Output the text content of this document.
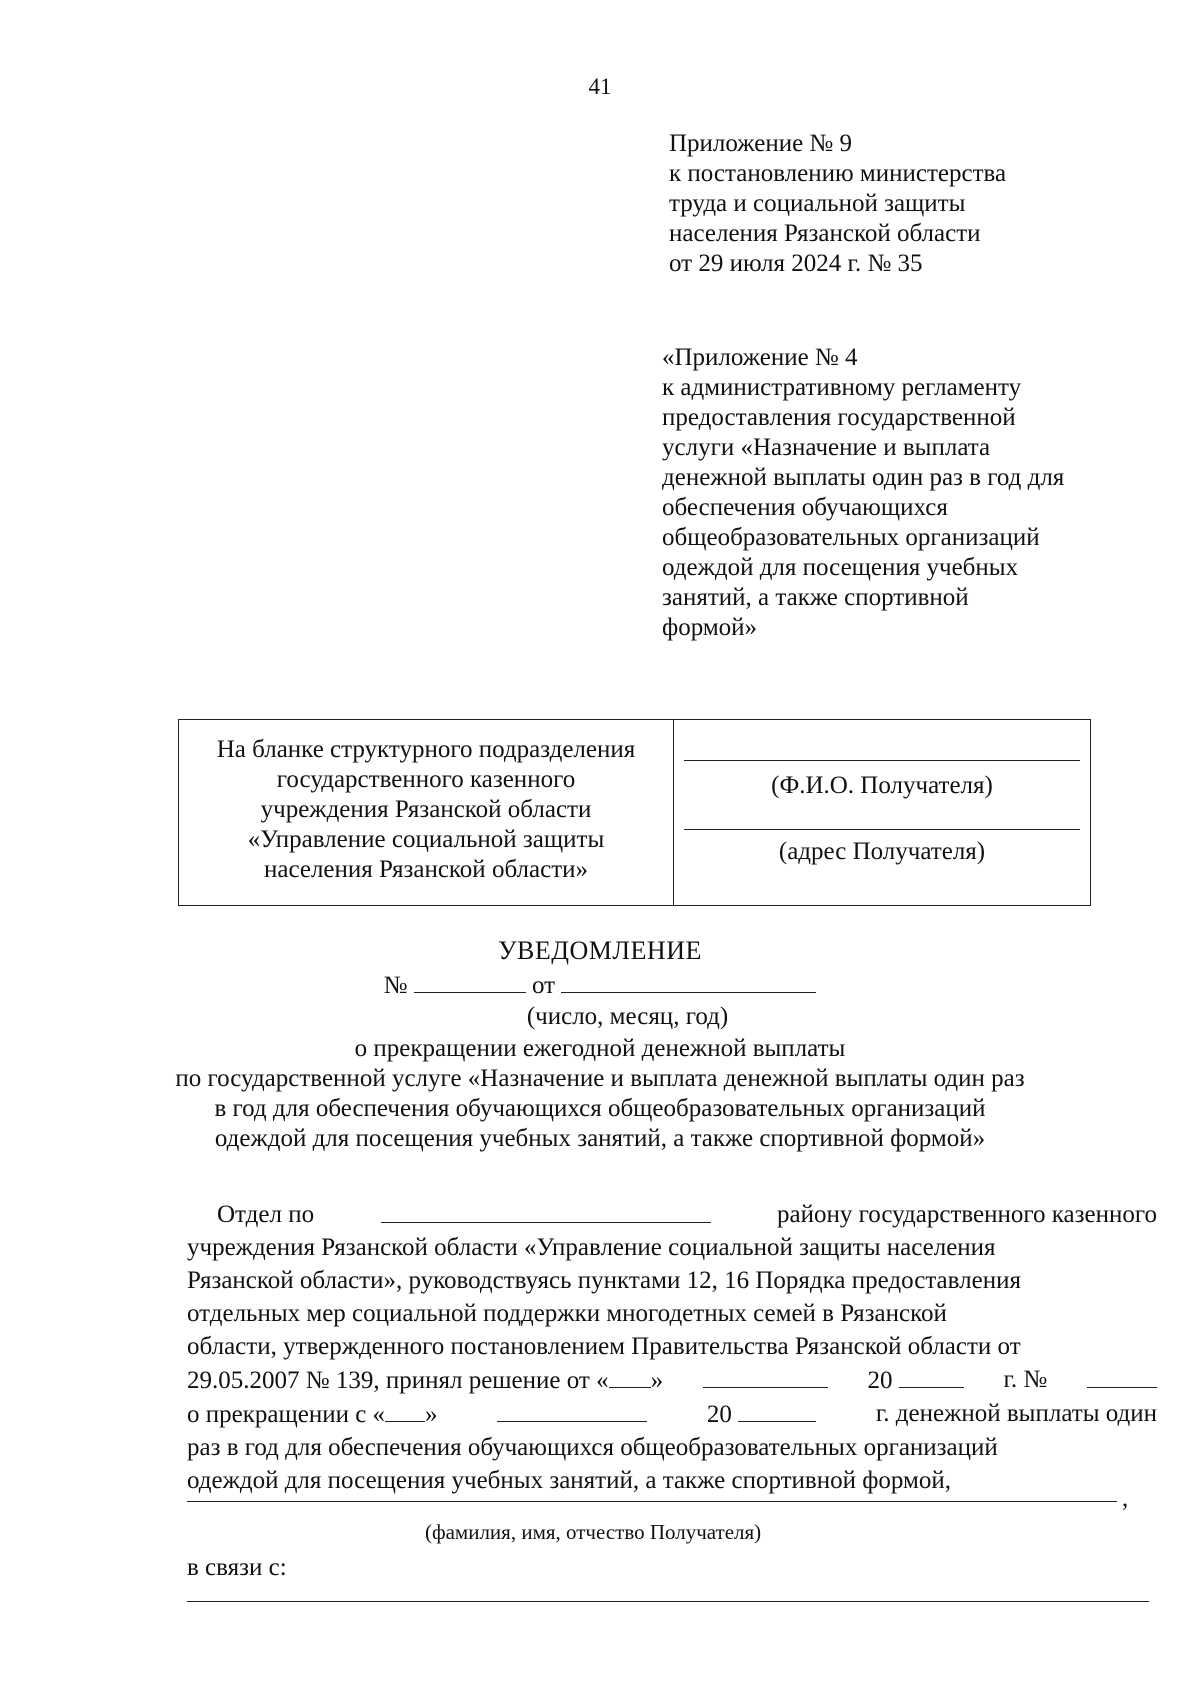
41
Приложение № 9
к постановлению министерства
труда и социальной защиты
населения Рязанской области
от 29 июля 2024 г. № 35
«Приложение № 4
к административному регламенту
предоставления государственной
услуги «Назначение и выплата
денежной выплаты один раз в год для
обеспечения обучающихся
общеобразовательных организаций
одеждой для посещения учебных
занятий, а также спортивной
формой»
На бланке структурного подразделения
государственного казенного
учреждения Рязанской области
«Управление социальной защиты
населения Рязанской области»
(Ф.И.О. Получателя)
(адрес Получателя)
УВЕДОМЛЕНИЕ
№	от
(число, месяц, год)
о прекращении ежегодной денежной выплаты
по государственной услуге «Назначение и выплата денежной выплаты один раз
в год для обеспечения обучающихся общеобразовательных организаций
одеждой для посещения учебных занятий, а также спортивной формой»
Отдел по	району государственного казенного
учреждения Рязанской области «Управление социальной защиты населения
Рязанской области», руководствуясь пунктами 12, 16 Порядка предоставления
отдельных мер социальной поддержки многодетных семей в Рязанской
области, утвержденного постановлением Правительства Рязанской области от
29.05.2007 № 139, принял решение от « »	20	г. №
о прекращении с « »	20	г. денежной выплаты один
раз в год для обеспечения обучающихся общеобразовательных организаций
одеждой для посещения учебных занятий, а также спортивной формой,
,
(фамилия, имя, отчество Получателя)
в связи с:
